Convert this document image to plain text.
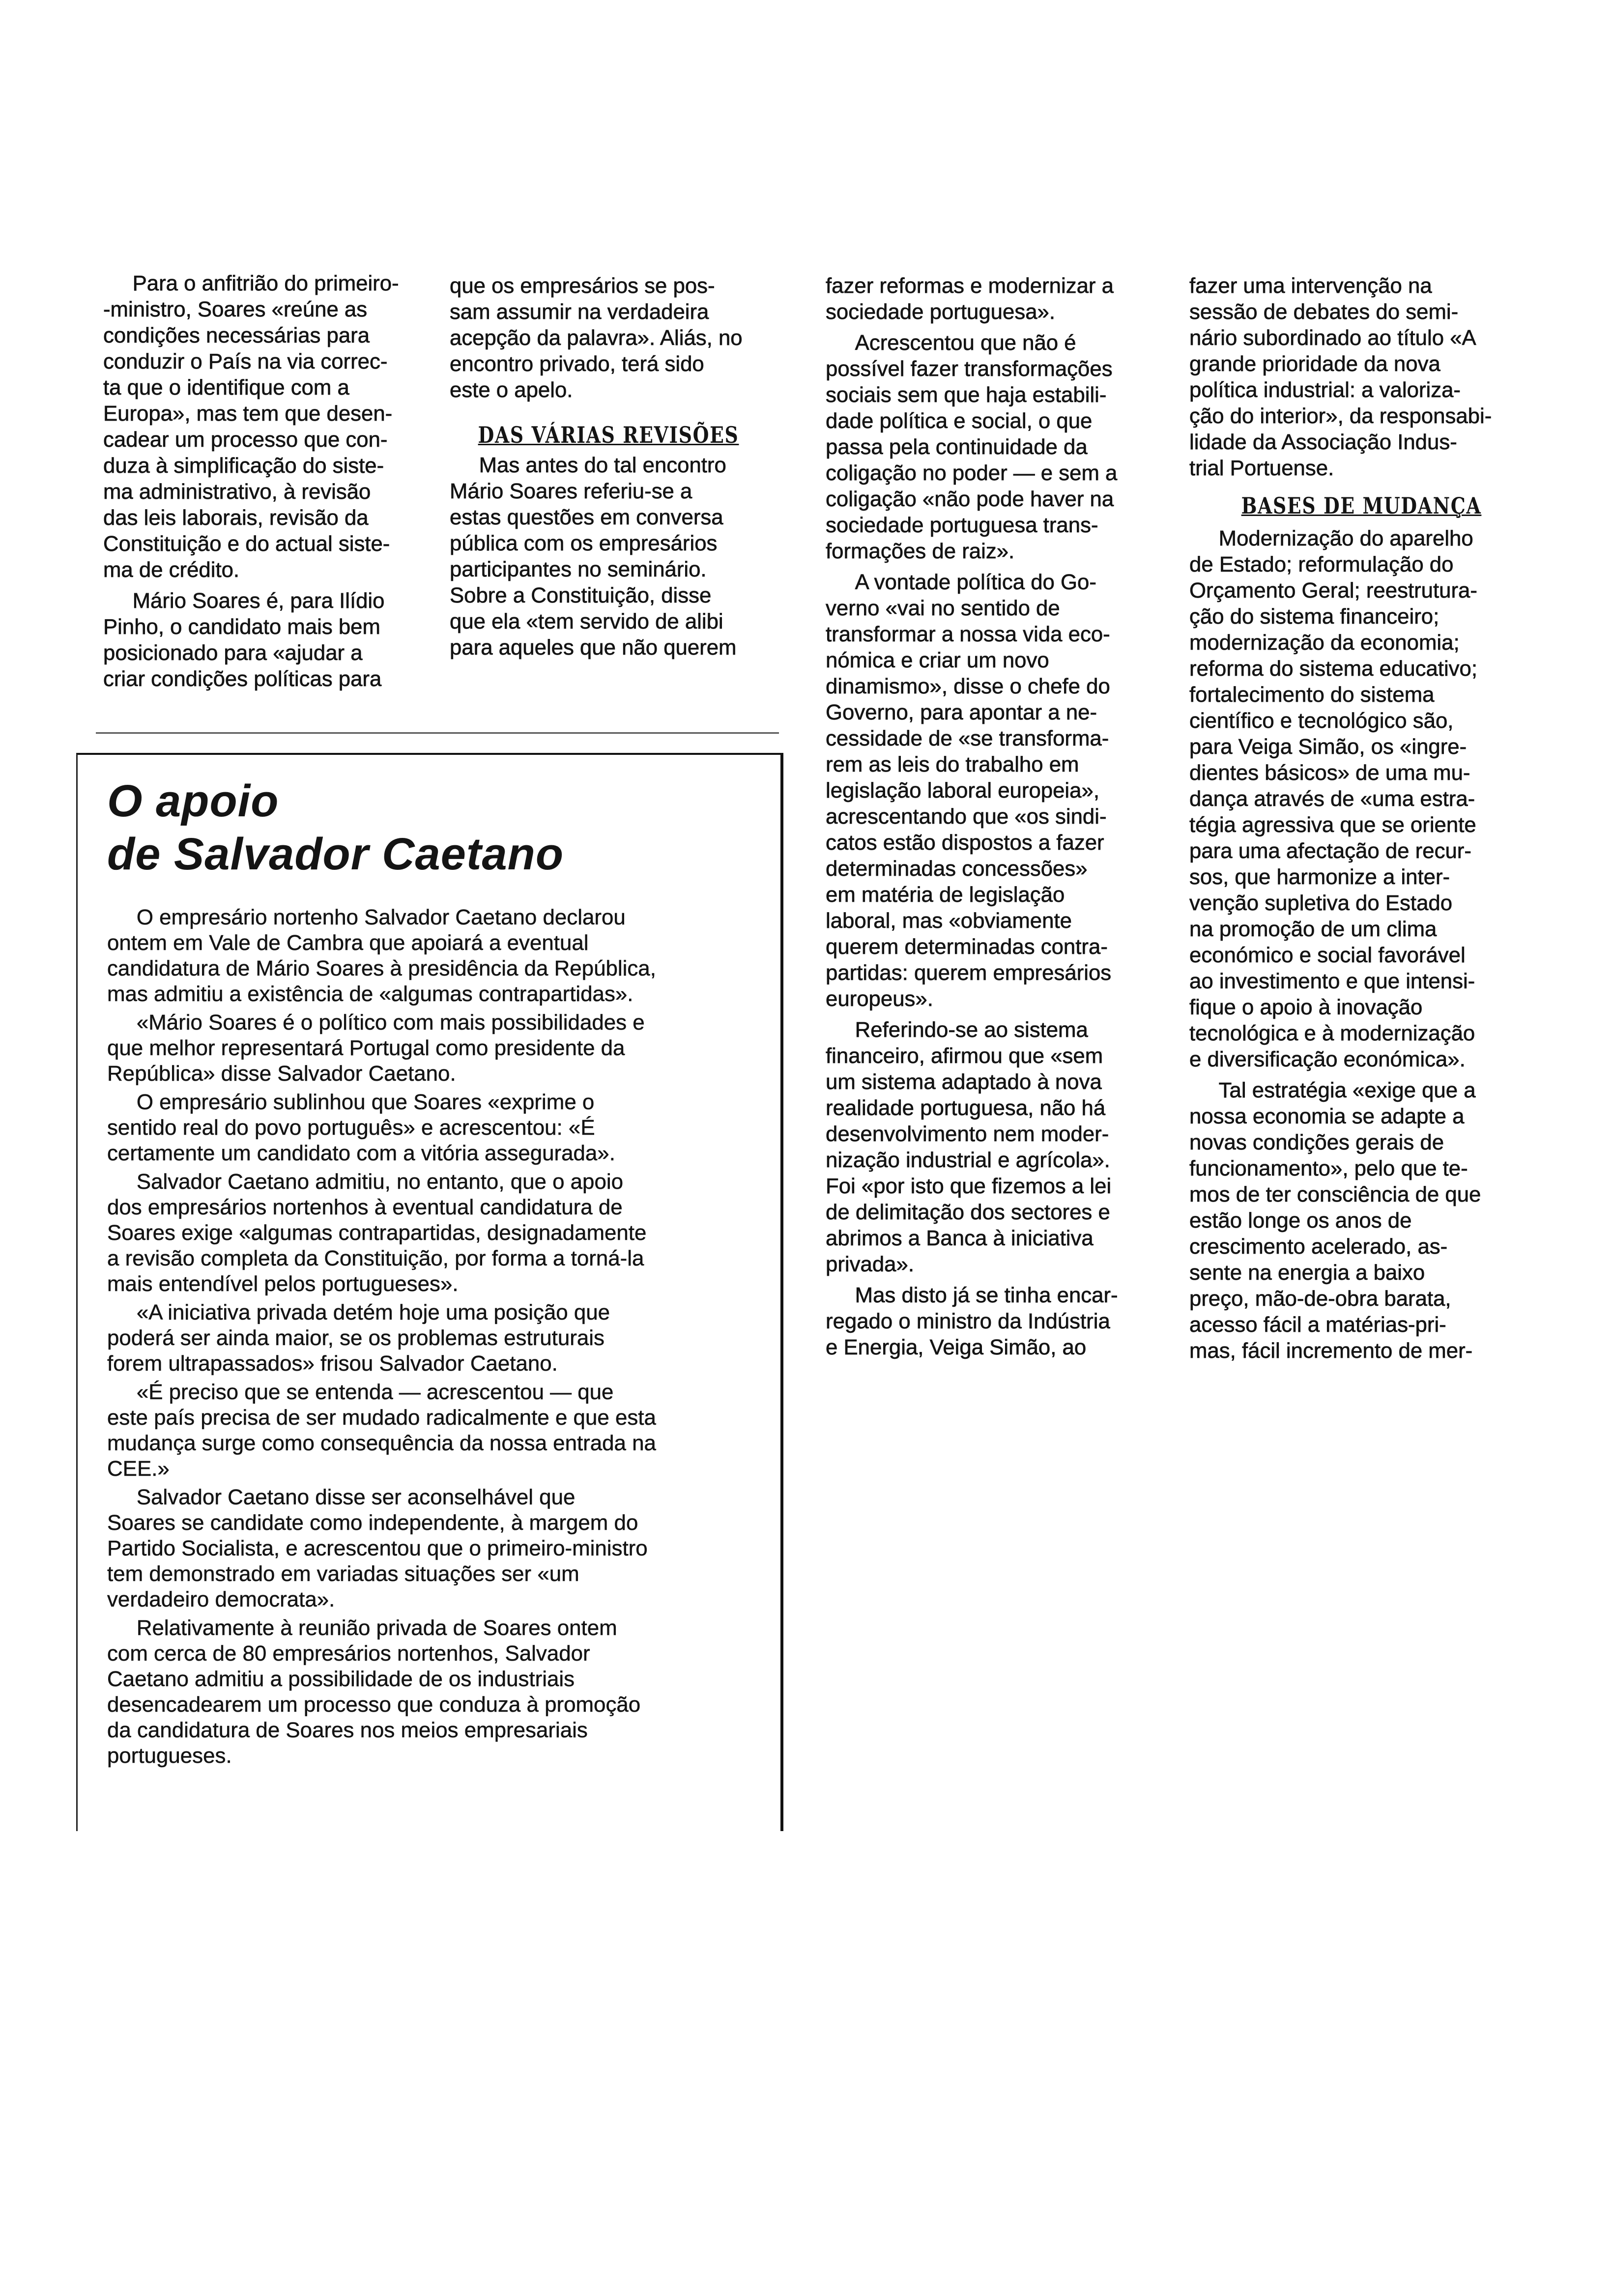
Para o anfitrião do primeiro-
-ministro, Soares «reúne as
condições necessárias para
conduzir o País na via correc-
ta que o identifique com a
Europa», mas tem que desen-
cadear um processo que con-
duza à simplificação do siste-
ma administrativo, à revisão
das leis laborais, revisão da
Constituição e do actual siste-
ma de crédito.
Mário Soares é, para Ilídio
Pinho, o candidato mais bem
posicionado para «ajudar a
criar condições políticas para
que os empresários se pos-
sam assumir na verdadeira
acepção da palavra». Aliás, no
encontro privado, terá sido
este o apelo.
DAS VÁRIAS REVISÕES
Mas antes do tal encontro
Mário Soares referiu-se a
estas questões em conversa
pública com os empresários
participantes no seminário.
Sobre a Constituição, disse
que ela «tem servido de alibi
para aqueles que não querem
fazer reformas e modernizar a
sociedade portuguesa».
Acrescentou que não é
possível fazer transformações
sociais sem que haja estabili-
dade política e social, o que
passa pela continuidade da
coligação no poder — e sem a
coligação «não pode haver na
sociedade portuguesa trans-
formações de raiz».
A vontade política do Go-
verno «vai no sentido de
transformar a nossa vida eco-
nómica e criar um novo
dinamismo», disse o chefe do
Governo, para apontar a ne-
cessidade de «se transforma-
rem as leis do trabalho em
legislação laboral europeia»,
acrescentando que «os sindi-
catos estão dispostos a fazer
determinadas concessões»
em matéria de legislação
laboral, mas «obviamente
querem determinadas contra-
partidas: querem empresários
europeus».
Referindo-se ao sistema
financeiro, afirmou que «sem
um sistema adaptado à nova
realidade portuguesa, não há
desenvolvimento nem moder-
nização industrial e agrícola».
Foi «por isto que fizemos a lei
de delimitação dos sectores e
abrimos a Banca à iniciativa
privada».
Mas disto já se tinha encar-
regado o ministro da Indústria
e Energia, Veiga Simão, ao
fazer uma intervenção na
sessão de debates do semi-
nário subordinado ao título «A
grande prioridade da nova
política industrial: a valoriza-
ção do interior», da responsabi-
lidade da Associação Indus-
trial Portuense.
BASES DE MUDANÇA
Modernização do aparelho
de Estado; reformulação do
Orçamento Geral; reestrutura-
ção do sistema financeiro;
modernização da economia;
reforma do sistema educativo;
fortalecimento do sistema
científico e tecnológico são,
para Veiga Simão, os «ingre-
dientes básicos» de uma mu-
dança através de «uma estra-
tégia agressiva que se oriente
para uma afectação de recur-
sos, que harmonize a inter-
venção supletiva do Estado
na promoção de um clima
económico e social favorável
ao investimento e que intensi-
fique o apoio à inovação
tecnológica e à modernização
e diversificação económica».
Tal estratégia «exige que a
nossa economia se adapte a
novas condições gerais de
funcionamento», pelo que te-
mos de ter consciência de que
estão longe os anos de
crescimento acelerado, as-
sente na energia a baixo
preço, mão-de-obra barata,
acesso fácil a matérias-pri-
mas, fácil incremento de mer-
O apoio
de Salvador Caetano
O empresário nortenho Salvador Caetano declarou
ontem em Vale de Cambra que apoiará a eventual
candidatura de Mário Soares à presidência da República,
mas admitiu a existência de «algumas contrapartidas».
«Mário Soares é o político com mais possibilidades e
que melhor representará Portugal como presidente da
República» disse Salvador Caetano.
O empresário sublinhou que Soares «exprime o
sentido real do povo português» e acrescentou: «É
certamente um candidato com a vitória assegurada».
Salvador Caetano admitiu, no entanto, que o apoio
dos empresários nortenhos à eventual candidatura de
Soares exige «algumas contrapartidas, designadamente
a revisão completa da Constituição, por forma a torná-la
mais entendível pelos portugueses».
«A iniciativa privada detém hoje uma posição que
poderá ser ainda maior, se os problemas estruturais
forem ultrapassados» frisou Salvador Caetano.
«É preciso que se entenda — acrescentou — que
este país precisa de ser mudado radicalmente e que esta
mudança surge como consequência da nossa entrada na
CEE.»
Salvador Caetano disse ser aconselhável que
Soares se candidate como independente, à margem do
Partido Socialista, e acrescentou que o primeiro-ministro
tem demonstrado em variadas situações ser «um
verdadeiro democrata».
Relativamente à reunião privada de Soares ontem
com cerca de 80 empresários nortenhos, Salvador
Caetano admitiu a possibilidade de os industriais
desencadearem um processo que conduza à promoção
da candidatura de Soares nos meios empresariais
portugueses.
